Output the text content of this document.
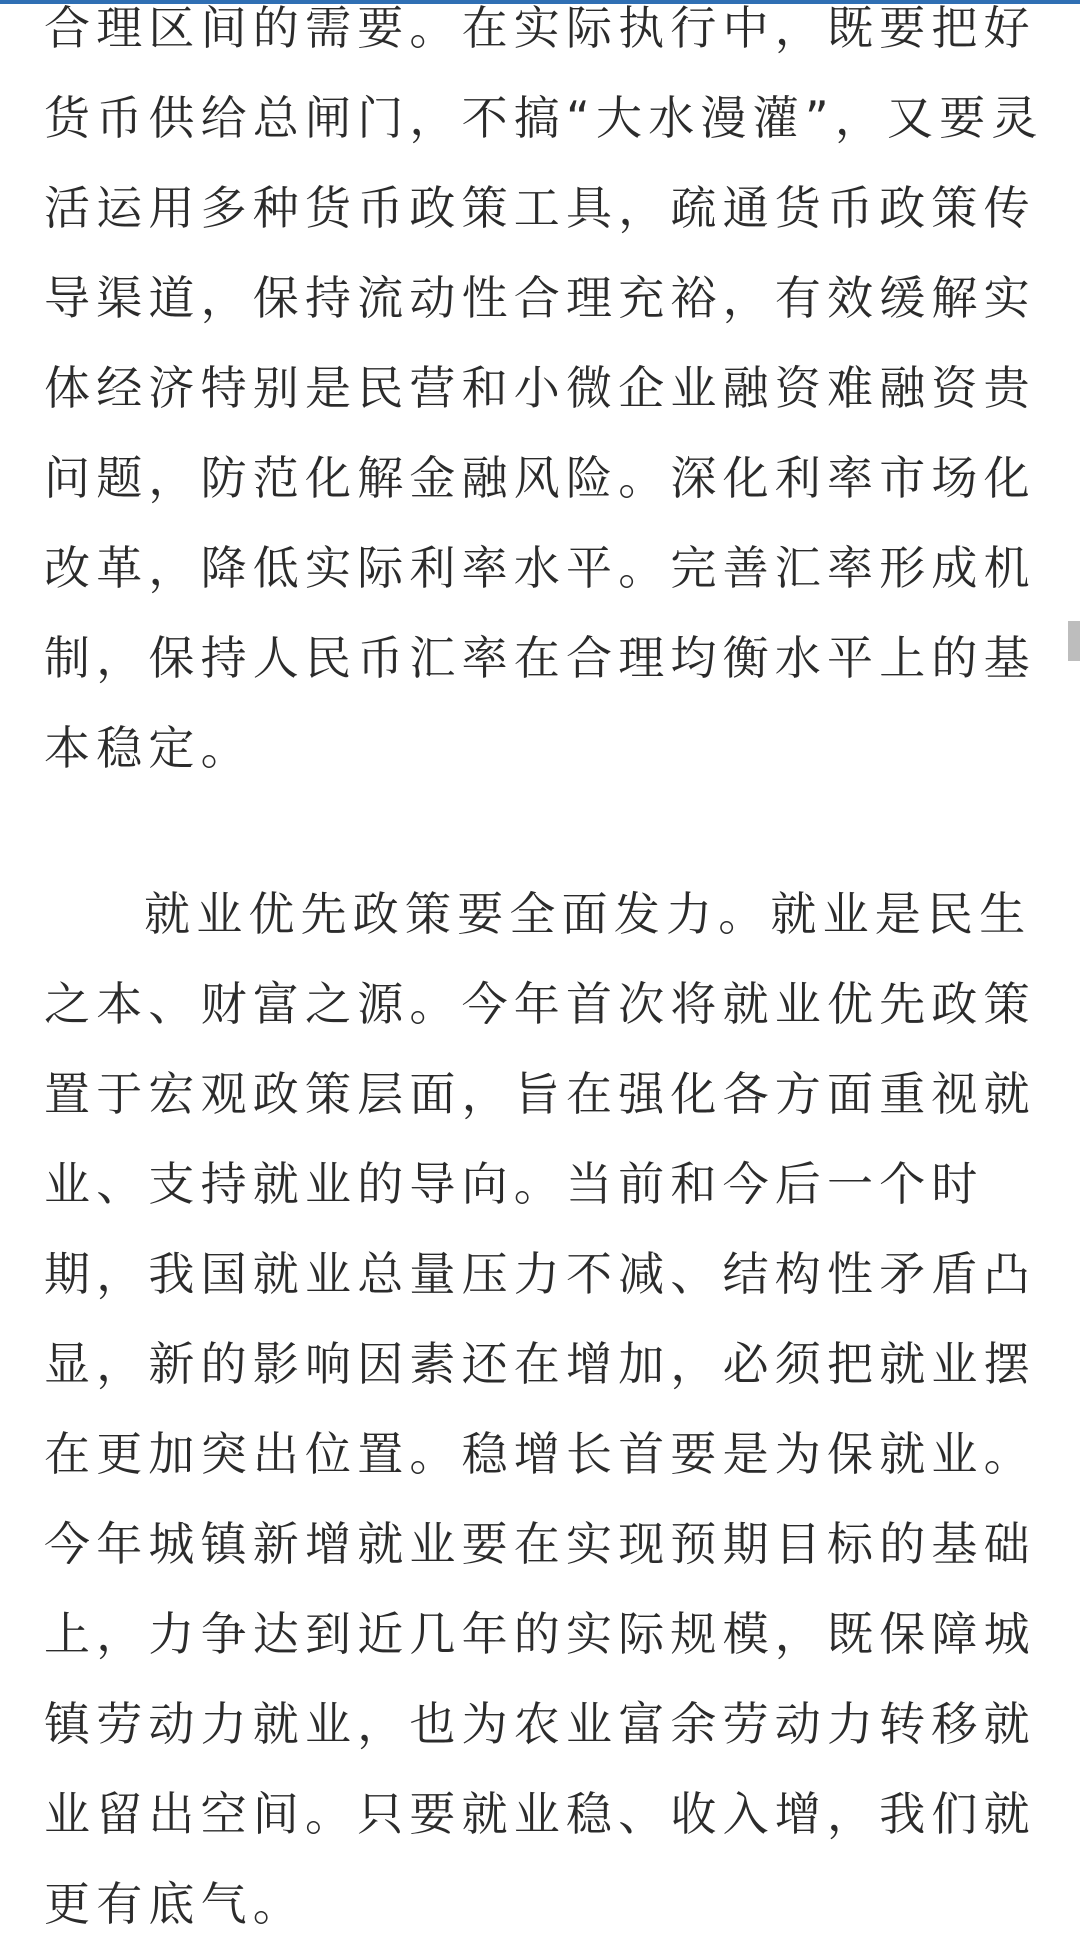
合理区间的需要。在实际执行中，既要把好
货币供给总闸门，不搞“大水漫灌”，又要灵
活运用多种货币政策工具，疏通货币政策传
导渠道，保持流动性合理充裕，有效缓解实
体经济特别是民营和小微企业融资难融资贵
问题，防范化解金融风险。深化利率市场化
改革，降低实际利率水平。完善汇率形成机
制，保持人民币汇率在合理均衡水平上的基
本稳定。
就业优先政策要全面发力。就业是民生
之本、财富之源。今年首次将就业优先政策
置于宏观政策层面，旨在强化各方面重视就
业、支持就业的导向。当前和今后一个时
期，我国就业总量压力不减、结构性矛盾凸
显，新的影响因素还在增加，必须把就业摆
在更加突出位置。稳增长首要是为保就业。
今年城镇新增就业要在实现预期目标的基础
上，力争达到近几年的实际规模，既保障城
镇劳动力就业，也为农业富余劳动力转移就
业留出空间。只要就业稳、收入增，我们就
更有底气。
